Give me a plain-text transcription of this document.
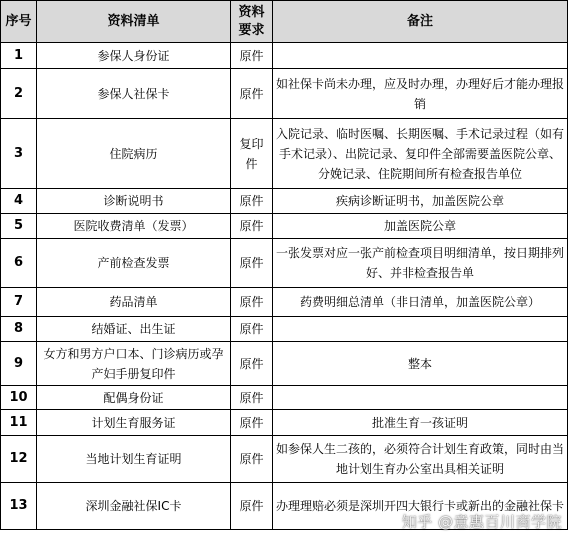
序号	资料清单	资料要求	备注
1	参保人身份证	原件	
2	参保人社保卡	原件	如社保卡尚未办理，应及时办理，办理好后才能办理报销
3	住院病历	复印件	入院记录、临时医嘱、长期医嘱、手术记录过程（如有手术记录）、出院记录、复印件全部需要盖医院公章、分娩记录、住院期间所有检查报告单位
4	诊断说明书	原件	疾病诊断证明书，加盖医院公章
5	医院收费清单（发票）	原件	加盖医院公章
6	产前检查发票	原件	一张发票对应一张产前检查项目明细清单，按日期排列好、并非检查报告单
7	药品清单	原件	药费明细总清单（非日清单，加盖医院公章）
8	结婚证、出生证	原件	
9	女方和男方户口本、门诊病历或孕产妇手册复印件	原件	整本
10	配偶身份证	原件	
11	计划生育服务证	原件	批准生育一孩证明
12	当地计划生育证明	原件	如参保人生二孩的，必须符合计划生育政策，同时由当地计划生育办公室出具相关证明
13	深圳金融社保IC卡	原件	办理理赔必须是深圳开四大银行卡或新出的金融社保卡
知乎 @意惠百川商学院
